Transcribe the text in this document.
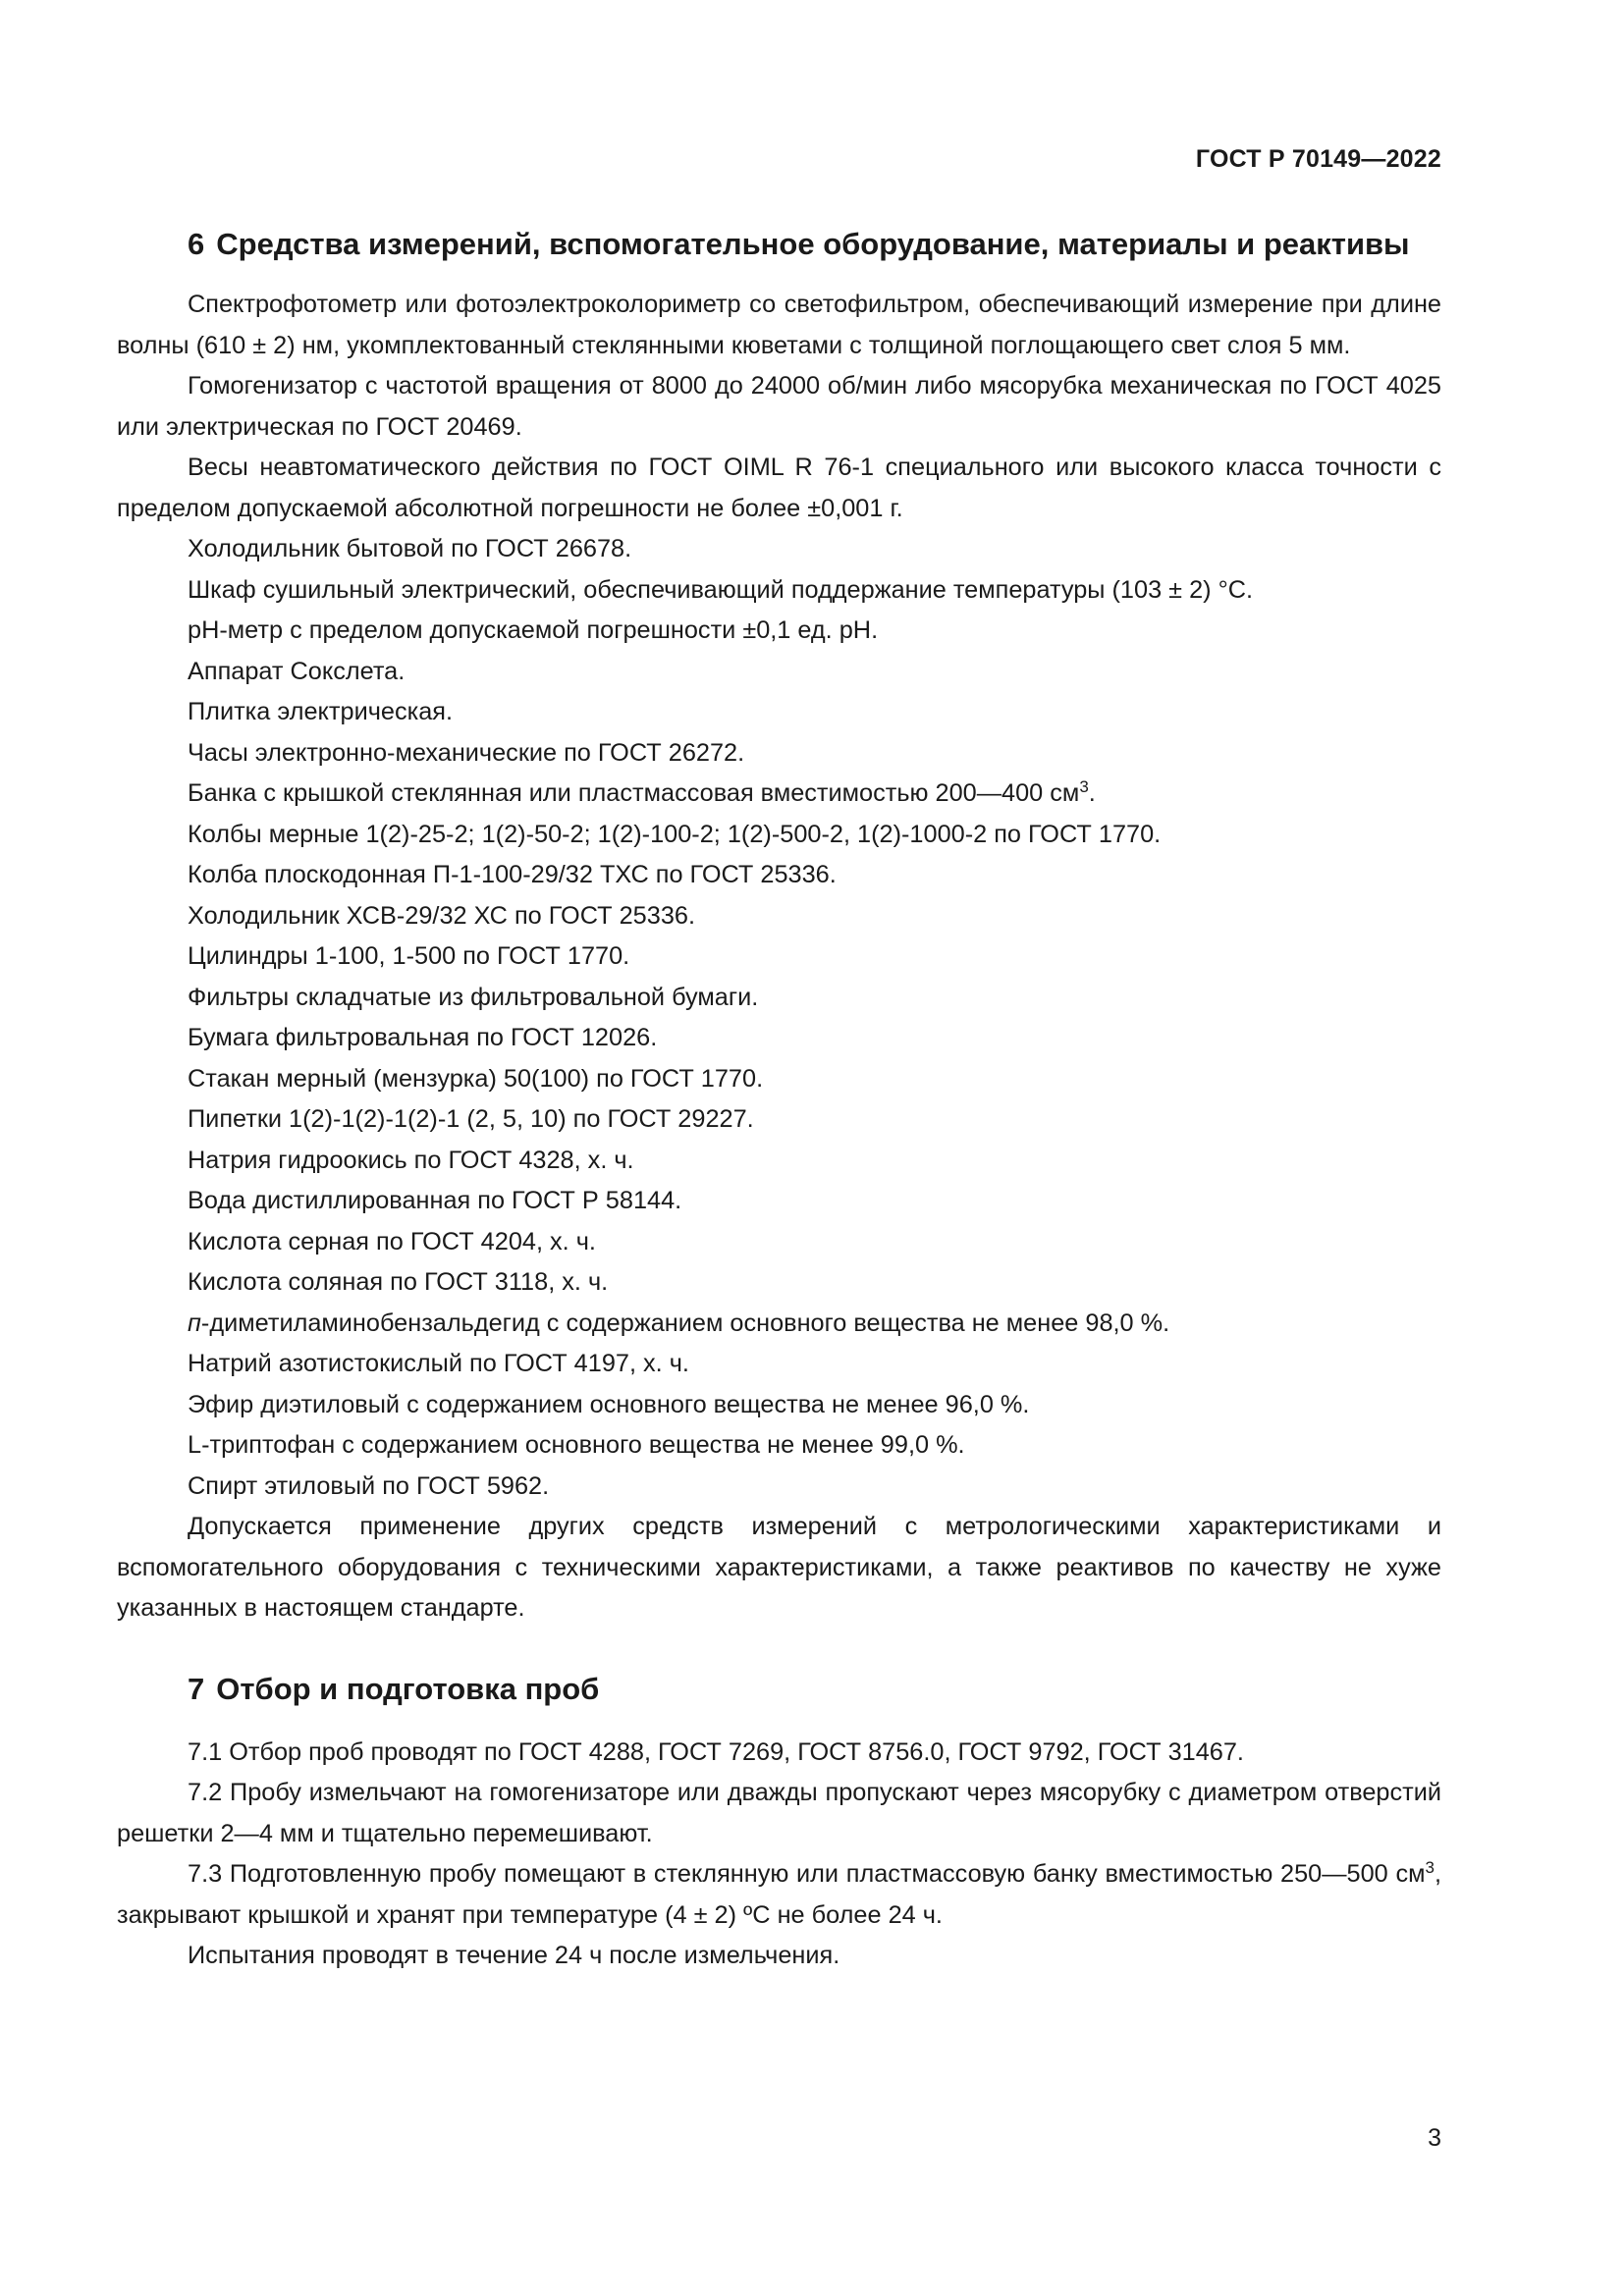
ГОСТ Р 70149—2022
6 Средства измерений, вспомогательное оборудование, материалы и реактивы

Спектрофотометр или фотоэлектроколориметр со светофильтром, обеспечивающий измерение при длине волны (610 ± 2) нм, укомплектованный стеклянными кюветами с толщиной поглощающего свет слоя 5 мм.

Гомогенизатор с частотой вращения от 8000 до 24000 об/мин либо мясорубка механическая по ГОСТ 4025 или электрическая по ГОСТ 20469.

Весы неавтоматического действия по ГОСТ OIML R 76-1 специального или высокого класса точности с пределом допускаемой абсолютной погрешности не более ±0,001 г.

Холодильник бытовой по ГОСТ 26678.

Шкаф сушильный электрический, обеспечивающий поддержание температуры (103 ± 2) °С.

pH-метр с пределом допускаемой погрешности ±0,1 ед. pH.

Аппарат Сокслета.

Плитка электрическая.

Часы электронно-механические по ГОСТ 26272.

Банка с крышкой стеклянная или пластмассовая вместимостью 200—400 $см^3$.

Колбы мерные 1(2)-25-2; 1(2)-50-2; 1(2)-100-2; 1(2)-500-2, 1(2)-1000-2 по ГОСТ 1770.

Колба плоскодонная П-1-100-29/32 ТХС по ГОСТ 25336.

Холодильник ХСВ-29/32 ХС по ГОСТ 25336.

Цилиндры 1-100, 1-500 по ГОСТ 1770.

Фильтры складчатые из фильтровальной бумаги.

Бумага фильтровальная по ГОСТ 12026.

Стакан мерный (мензурка) 50(100) по ГОСТ 1770.

Пипетки 1(2)-1(2)-1(2)-1 (2, 5, 10) по ГОСТ 29227.

Натрия гидроокись по ГОСТ 4328, х. ч.

Вода дистиллированная по ГОСТ Р 58144.

Кислота серная по ГОСТ 4204, х. ч.

Кислота соляная по ГОСТ 3118, х. ч.

п-диметиламинобензальдегид с содержанием основного вещества не менее 98,0 %.

Натрий азотистокислый по ГОСТ 4197, х. ч.

Эфир диэтиловый с содержанием основного вещества не менее 96,0 %.

L-триптофан с содержанием основного вещества не менее 99,0 %.

Спирт этиловый по ГОСТ 5962.

Допускается применение других средств измерений с метрологическими характеристиками и вспомогательного оборудования с техническими характеристиками, а также реактивов по качеству не хуже указанных в настоящем стандарте.

7 Отбор и подготовка проб

7.1 Отбор проб проводят по ГОСТ 4288, ГОСТ 7269, ГОСТ 8756.0, ГОСТ 9792, ГОСТ 31467.

7.2 Пробу измельчают на гомогенизаторе или дважды пропускают через мясорубку с диаметром отверстий решетки 2—4 мм и тщательно перемешивают.

7.3 Подготовленную пробу помещают в стеклянную или пластмассовую банку вместимостью 250—500 $см^3$, закрывают крышкой и хранят при температуре (4 ± 2) ºС не более 24 ч.

Испытания проводят в течение 24 ч после измельчения.

3
